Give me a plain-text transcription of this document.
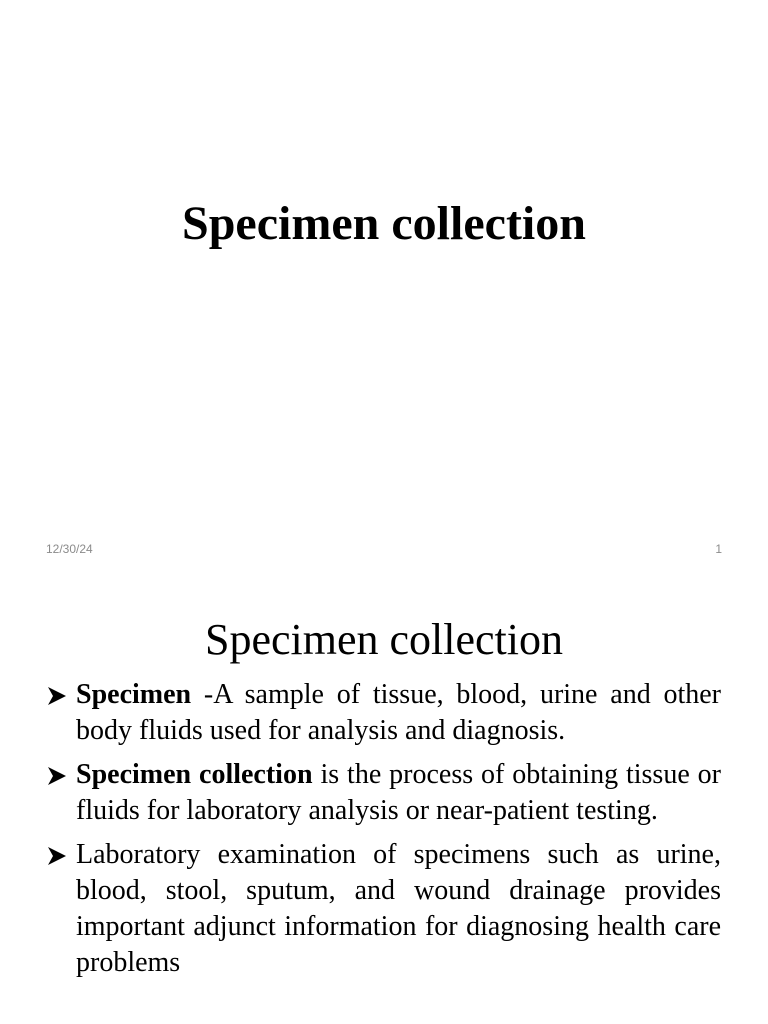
Specimen collection
12/30/24	1
Specimen collection
Specimen -A sample of tissue, blood, urine and other body fluids used for analysis and diagnosis.
Specimen collection is the process of obtaining tissue or fluids for laboratory analysis or near-patient testing.
Laboratory examination of specimens such as urine, blood, stool, sputum, and wound drainage provides important adjunct information for diagnosing health care problems
